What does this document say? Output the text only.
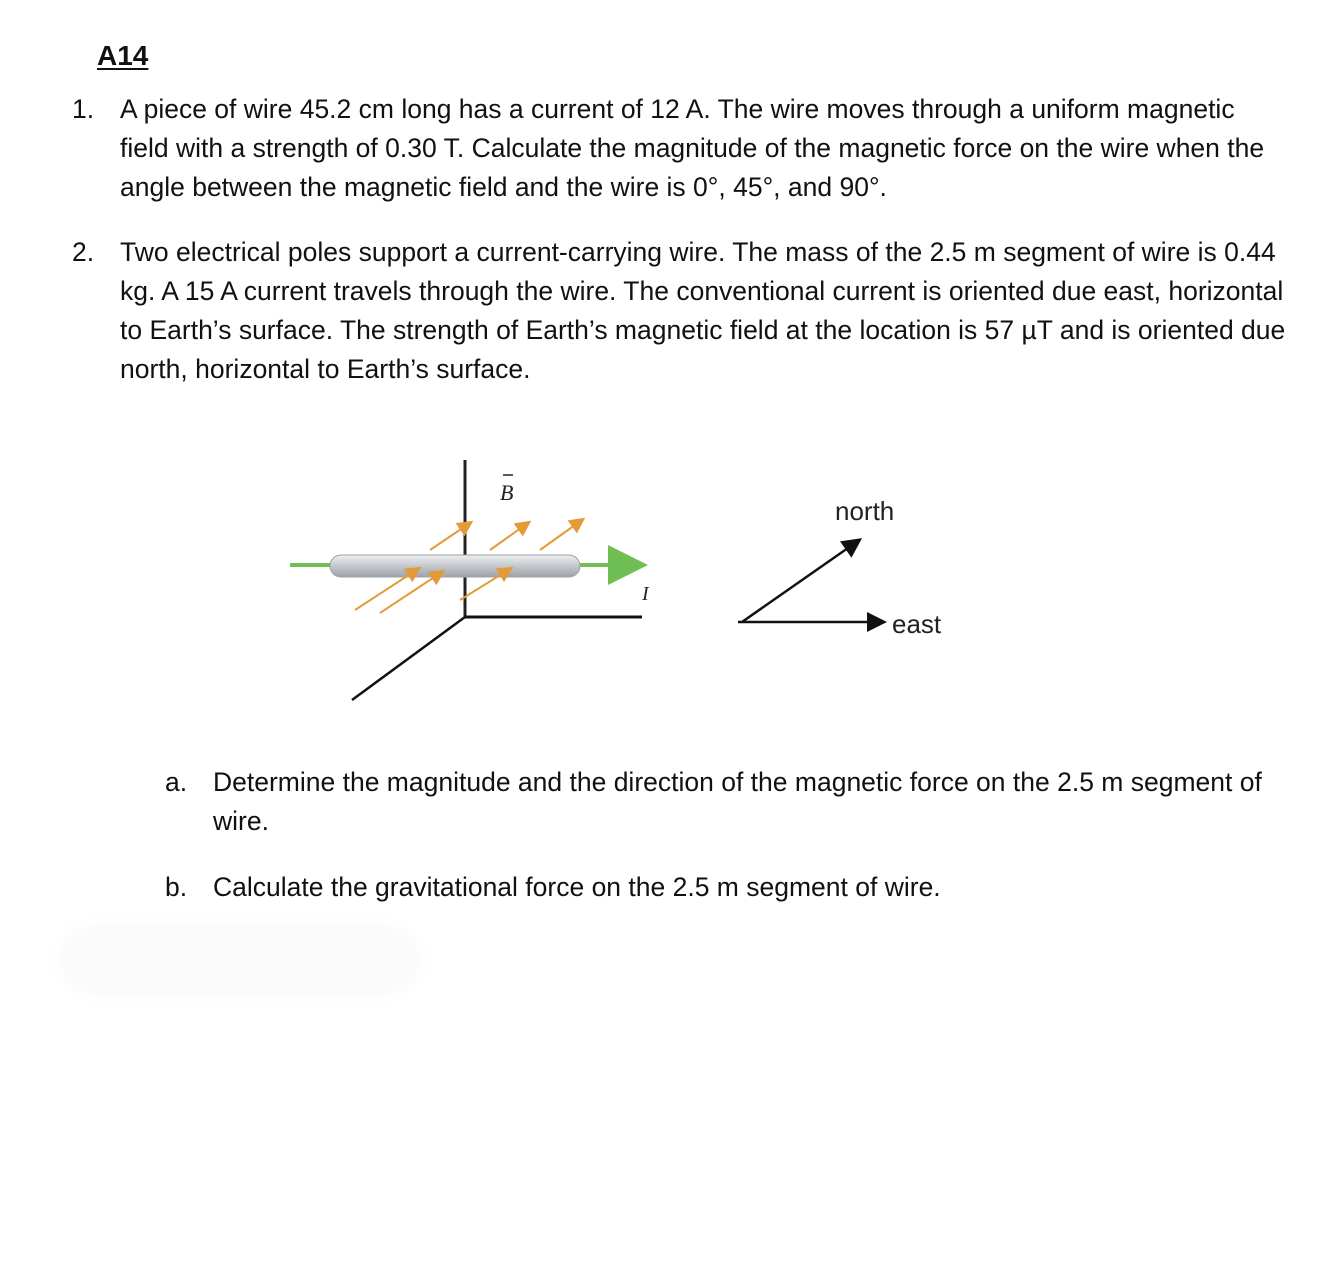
A14
1. A piece of wire 45.2 cm long has a current of 12 A. The wire moves through a uniform magnetic field with a strength of 0.30 T. Calculate the magnitude of the magnetic force on the wire when the angle between the magnetic field and the wire is 0°, 45°, and 90°.
2. Two electrical poles support a current-carrying wire. The mass of the 2.5 m segment of wire is 0.44 kg. A 15 A current travels through the wire. The conventional current is oriented due east, horizontal to Earth’s surface. The strength of Earth’s magnetic field at the location is 57 µT and is oriented due north, horizontal to Earth’s surface.
B
I
north
east
a. Determine the magnitude and the direction of the magnetic force on the 2.5 m segment of wire.
b. Calculate the gravitational force on the 2.5 m segment of wire.
